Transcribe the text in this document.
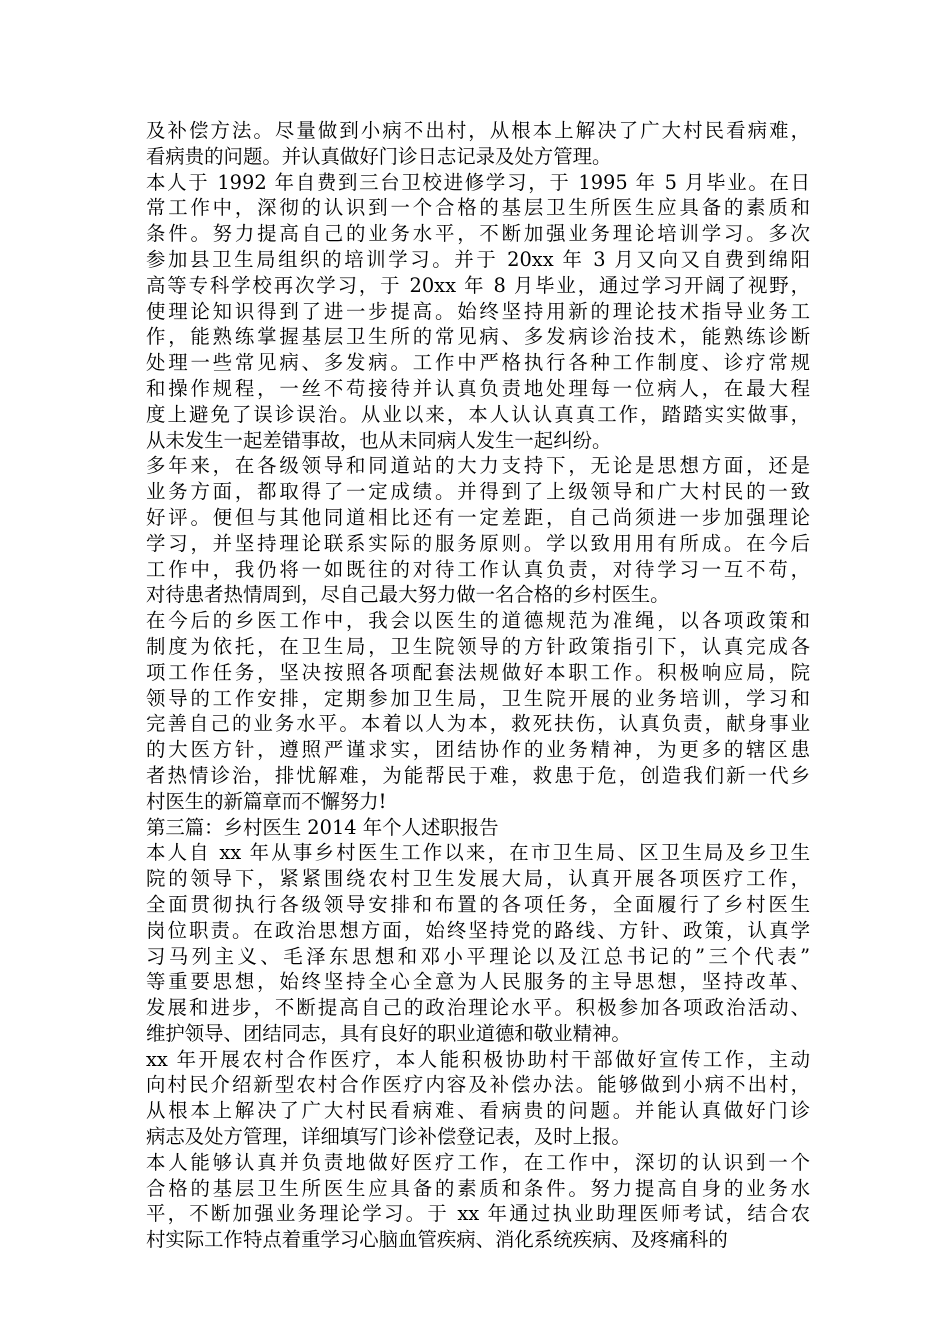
及补偿方法。尽量做到小病不出村，从根本上解决了广大村民看病难，
看病贵的问题。并认真做好门诊日志记录及处方管理。
本人于 1992 年自费到三台卫校进修学习，于 1995 年 5 月毕业。在日
常工作中，深彻的认识到一个合格的基层卫生所医生应具备的素质和
条件。努力提高自己的业务水平，不断加强业务理论培训学习。多次
参加县卫生局组织的培训学习。并于 20xx 年 3 月又向又自费到绵阳
高等专科学校再次学习，于 20xx 年 8 月毕业，通过学习开阔了视野，
使理论知识得到了进一步提高。始终坚持用新的理论技术指导业务工
作，能熟练掌握基层卫生所的常见病、多发病诊治技术，能熟练诊断
处理一些常见病、多发病。工作中严格执行各种工作制度、诊疗常规
和操作规程，一丝不苟接待并认真负责地处理每一位病人，在最大程
度上避免了误诊误治。从业以来，本人认认真真工作，踏踏实实做事，
从未发生一起差错事故，也从未同病人发生一起纠纷。
多年来，在各级领导和同道站的大力支持下，无论是思想方面，还是
业务方面，都取得了一定成绩。并得到了上级领导和广大村民的一致
好评。便但与其他同道相比还有一定差距，自己尚须进一步加强理论
学习，并坚持理论联系实际的服务原则。学以致用用有所成。在今后
工作中，我仍将一如既往的对待工作认真负责，对待学习一互不苟，
对待患者热情周到，尽自己最大努力做一名合格的乡村医生。
在今后的乡医工作中，我会以医生的道德规范为准绳，以各项政策和
制度为依托，在卫生局，卫生院领导的方针政策指引下，认真完成各
项工作任务，坚决按照各项配套法规做好本职工作。积极响应局，院
领导的工作安排，定期参加卫生局，卫生院开展的业务培训，学习和
完善自己的业务水平。本着以人为本，救死扶伤，认真负责，献身事业
的大医方针，遵照严谨求实，团结协作的业务精神，为更多的辖区患
者热情诊治，排忧解难，为能帮民于难，救患于危，创造我们新一代乡
村医生的新篇章而不懈努力!
第三篇：乡村医生 2014 年个人述职报告
本人自 xx 年从事乡村医生工作以来，在市卫生局、区卫生局及乡卫生
院的领导下，紧紧围绕农村卫生发展大局，认真开展各项医疗工作，
全面贯彻执行各级领导安排和布置的各项任务，全面履行了乡村医生
岗位职责。在政治思想方面，始终坚持党的路线、方针、政策，认真学
习马列主义、毛泽东思想和邓小平理论以及江总书记的”三个代表”
等重要思想，始终坚持全心全意为人民服务的主导思想，坚持改革、
发展和进步，不断提高自己的政治理论水平。积极参加各项政治活动、
维护领导、团结同志，具有良好的职业道德和敬业精神。
xx 年开展农村合作医疗，本人能积极协助村干部做好宣传工作，主动
向村民介绍新型农村合作医疗内容及补偿办法。能够做到小病不出村，
从根本上解决了广大村民看病难、看病贵的问题。并能认真做好门诊
病志及处方管理，详细填写门诊补偿登记表，及时上报。
本人能够认真并负责地做好医疗工作，在工作中，深切的认识到一个
合格的基层卫生所医生应具备的素质和条件。努力提高自身的业务水
平，不断加强业务理论学习。于 xx 年通过执业助理医师考试，结合农
村实际工作特点着重学习心脑血管疾病、消化系统疾病、及疼痛科的
